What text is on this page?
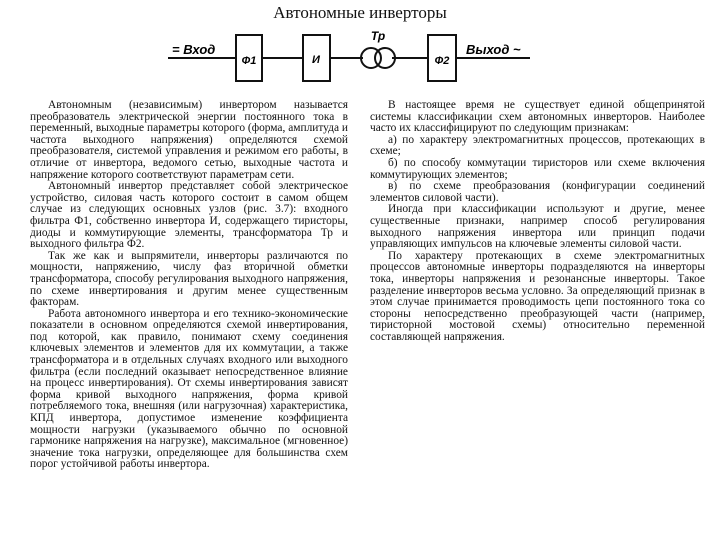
Автономные инверторы
= Вход
Ф1	И
Тр
Ф2
Выход ~

Автономным (независимым) инвертором называется преобразователь электрической энергии постоянного тока в переменный, выходные параметры которого (форма, амплитуда и частота выходного напряжения) определяются схемой преобразователя, системой управления и режимом его работы, в отличие от инвертора, ведомого сетью, выходные частота и напряжение которого соответствуют параметрам сети.

Автономный инвертор представляет собой электрическое устройство, силовая часть которого состоит в самом общем случае из следующих основных узлов (рис. 3.7): входного фильтра Ф1, собственно инвертора И, содержащего тиристоры, диоды и коммутирующие элементы, трансформатора Тр и выходного фильтра Ф2.

Так же как и выпрямители, инверторы различаются по мощности, напряжению, числу фаз вторичной обметки трансформатора, способу регулирования выходного напряжения, по схеме инвертирования и другим менее существенным факторам.

Работа автономного инвертора и его технико-экономические показатели в основном определяются схемой инвертирования, под которой, как правило, понимают схему соединения ключевых элементов и элементов для их коммутации, а также трансформатора и в отдельных случаях входного или выходного фильтра (если последний оказывает непосредственное влияние на процесс инвертирования). От схемы инвертирования зависят форма кривой выходного напряжения, форма кривой потребляемого тока, внешняя (или нагрузочная) характеристика, КПД инвертора, допустимое изменение коэффициента мощности нагрузки (указываемого обычно по основной гармонике напряжения на нагрузке), максимальное (мгновенное) значение тока нагрузки, определяющее для большинства схем порог устойчивой работы инвертора.

В настоящее время не существует единой общепринятой системы классификации схем автономных инверторов. Наиболее часто их классифицируют по следующим признакам:

а) по характеру электромагнитных процессов, протекающих в схеме;

б) по способу коммутации тиристоров или схеме включения коммутирующих элементов;

в) по схеме преобразования (конфигурации соединений элементов силовой части).

Иногда при классификации используют и другие, менее существенные признаки, например способ регулирования выходного напряжения инвертора или принцип подачи управляющих импульсов на ключевые элементы силовой части.

По характеру протекающих в схеме электромагнитных процессов автономные инверторы подразделяются на инверторы тока, инверторы напряжения и резонансные инверторы. Такое разделение инверторов весьма условно. За определяющий признак в этом случае принимается проводимость цепи постоянного тока со стороны непосредственно преобразующей части (например, тиристорной мостовой схемы) относительно переменной составляющей напряжения.
